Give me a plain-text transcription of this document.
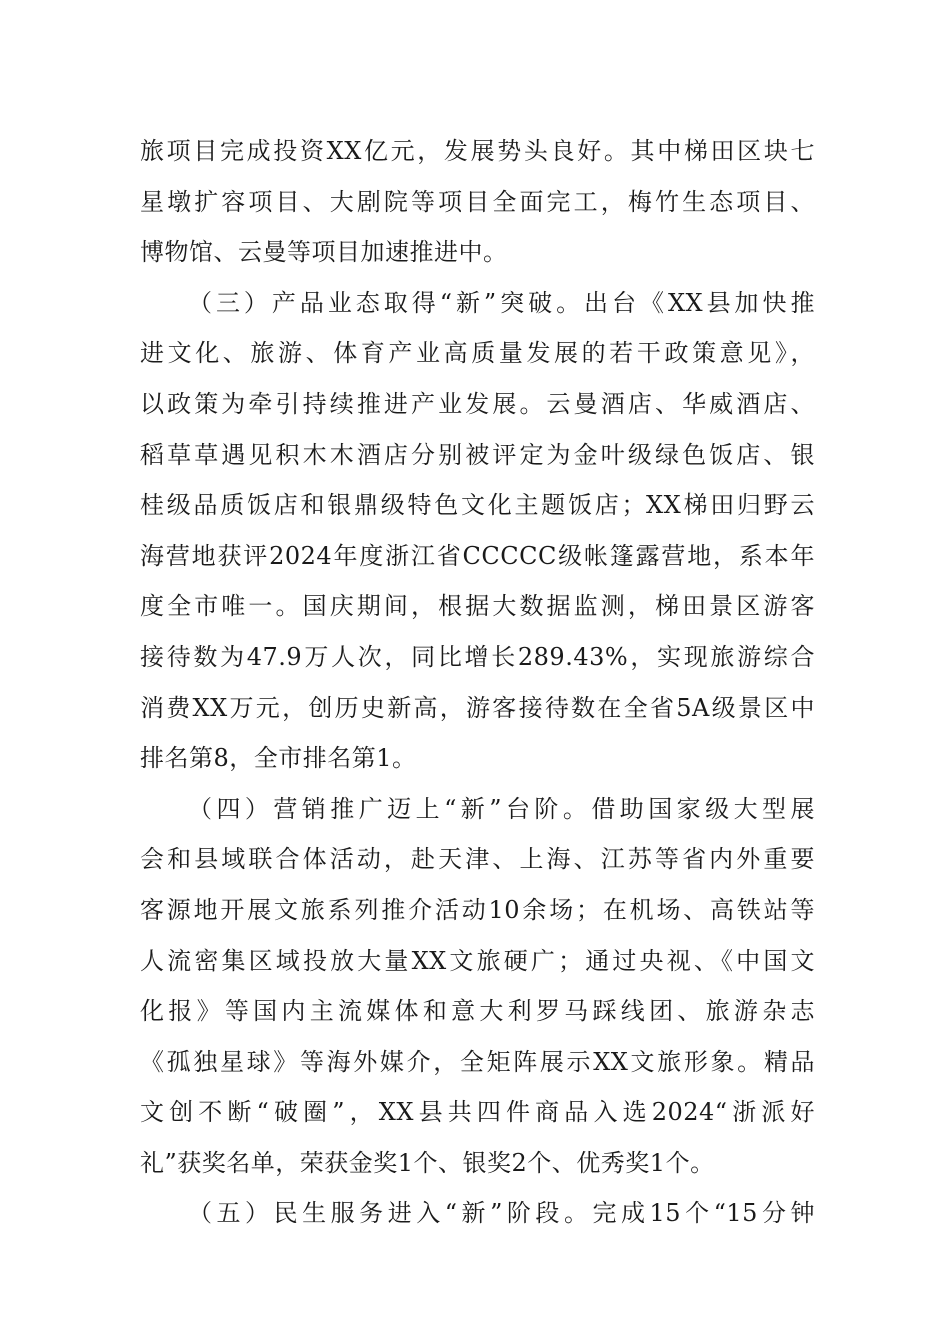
旅项目完成投资XX亿元，发展势头良好。其中梯田区块七
星墩扩容项目、大剧院等项目全面完工，梅竹生态项目、
博物馆、云曼等项目加速推进中。
（三）产品业态取得“新”突破。出台《XX县加快推
进文化、旅游、体育产业高质量发展的若干政策意见》，
以政策为牵引持续推进产业发展。云曼酒店、华威酒店、
稻草草遇见积木木酒店分别被评定为金叶级绿色饭店、银
桂级品质饭店和银鼎级特色文化主题饭店；XX梯田归野云
海营地获评2024年度浙江省CCCCC级帐篷露营地，系本年
度全市唯一。国庆期间，根据大数据监测，梯田景区游客
接待数为47.9万人次，同比增长289.43%，实现旅游综合
消费XX万元，创历史新高，游客接待数在全省5A级景区中
排名第8，全市排名第1。
（四）营销推广迈上“新”台阶。借助国家级大型展
会和县域联合体活动，赴天津、上海、江苏等省内外重要
客源地开展文旅系列推介活动10余场；在机场、高铁站等
人流密集区域投放大量XX文旅硬广；通过央视、《中国文
化报》等国内主流媒体和意大利罗马踩线团、旅游杂志
《孤独星球》等海外媒介，全矩阵展示XX文旅形象。精品
文创不断“破圈”，XX县共四件商品入选2024“浙派好
礼”获奖名单，荣获金奖1个、银奖2个、优秀奖1个。
（五）民生服务进入“新”阶段。完成15个“15分钟
